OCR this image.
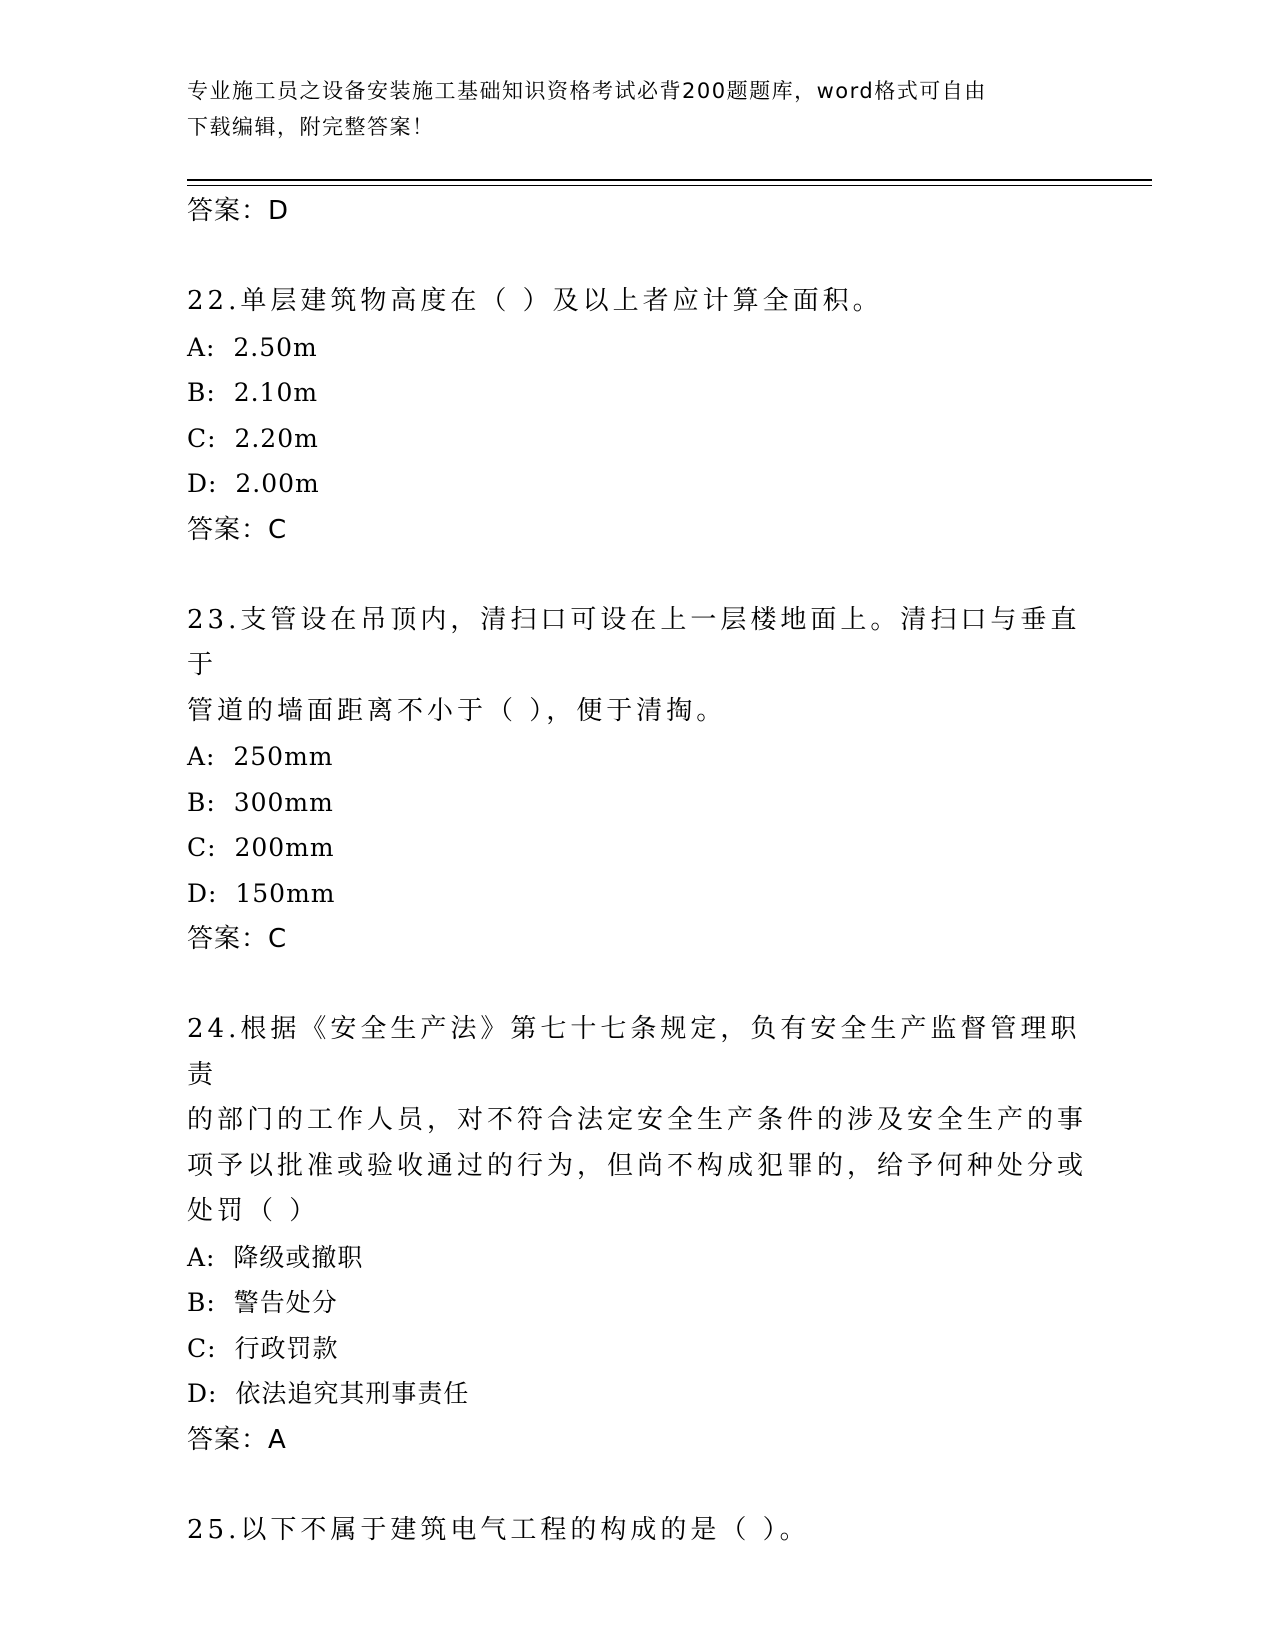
专业施工员之设备安装施工基础知识资格考试必背200题题库，word格式可自由
下载编辑，附完整答案！
答案：D
22.单层建筑物高度在（ ）及以上者应计算全面积。
A:  2.50m
B:  2.10m
C:  2.20m
D:  2.00m
答案：C
23.支管设在吊顶内，清扫口可设在上一层楼地面上。清扫口与垂直于
管道的墙面距离不小于（ ），便于清掏。
A:  250mm
B:  300mm
C:  200mm
D:  150mm
答案：C
24.根据《安全生产法》第七十七条规定，负有安全生产监督管理职责
的部门的工作人员，对不符合法定安全生产条件的涉及安全生产的事
项予以批准或验收通过的行为，但尚不构成犯罪的，给予何种处分或
处罚（ ）
A:  降级或撤职
B:  警告处分
C:  行政罚款
D:  依法追究其刑事责任
答案：A
25.以下不属于建筑电气工程的构成的是（ ）。
